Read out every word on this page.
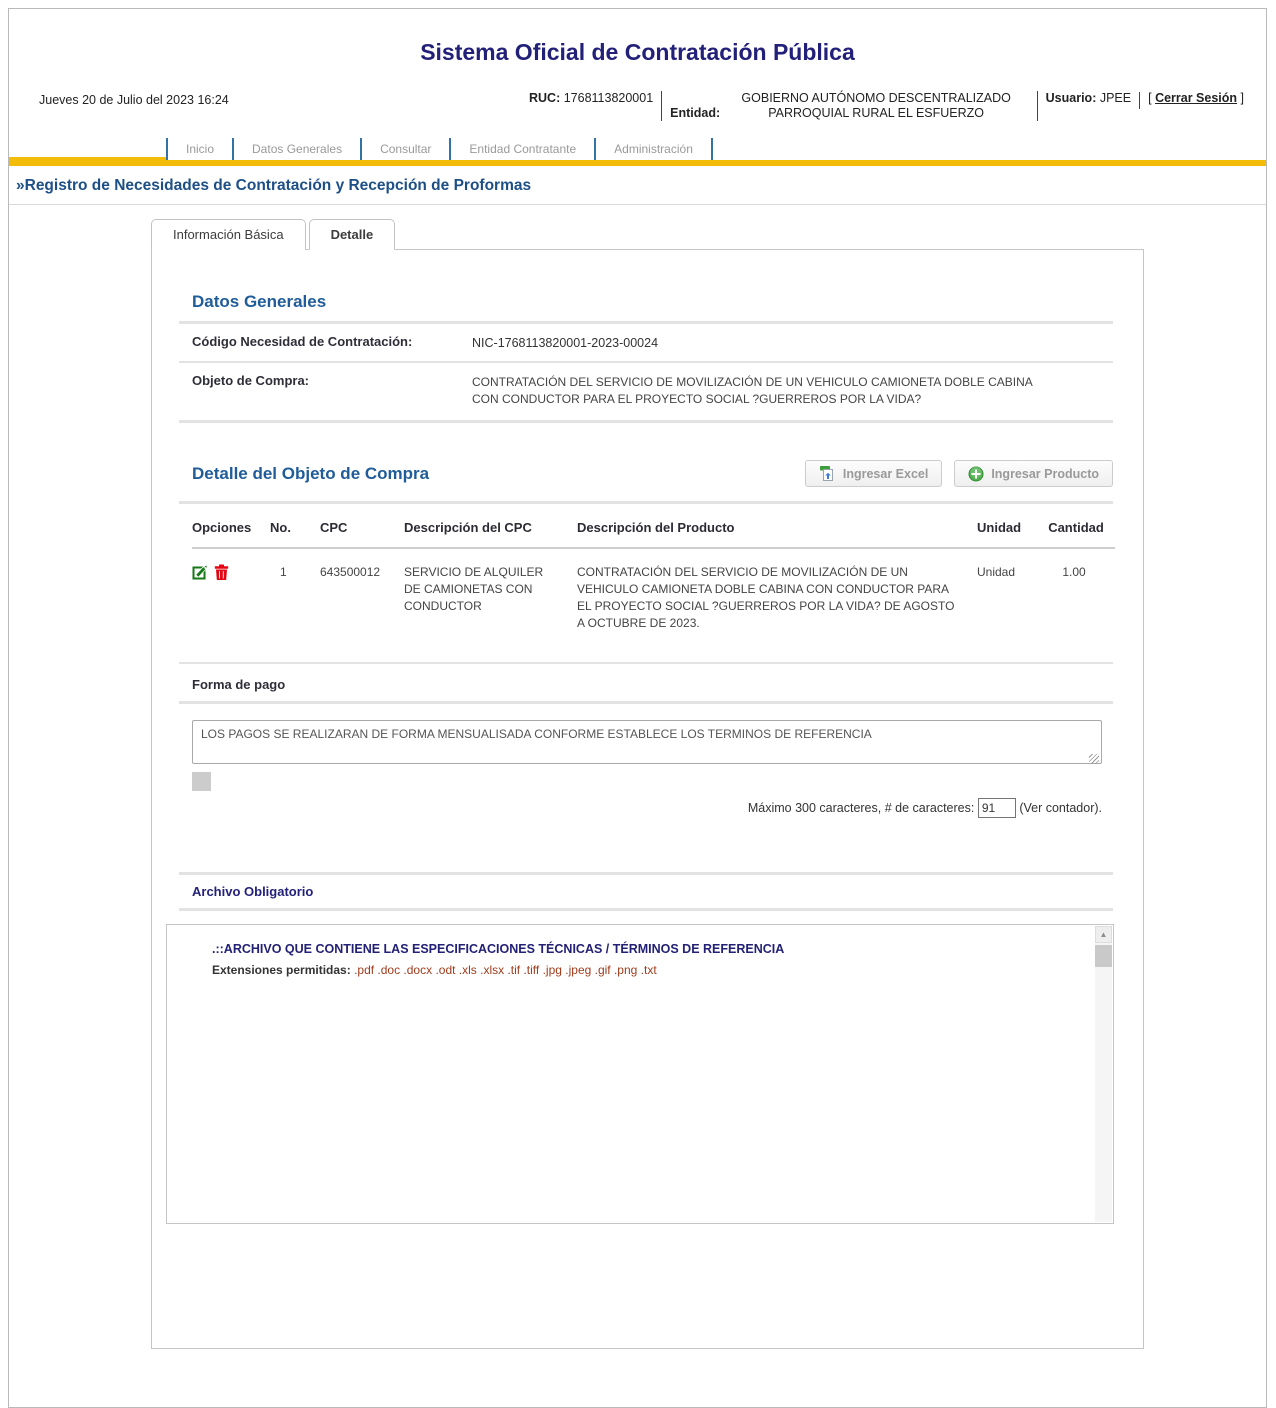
Sistema Oficial de Contratación Pública
Jueves 20 de Julio del 2023 16:24	RUC: 1768113820001
Entidad: GOBIERNO AUTÓNOMO DESCENTRALIZADO PARROQUIAL RURAL EL ESFUERZO
Usuario: JPEE [ Cerrar Sesión ]
Inicio	Datos Generales	Consultar	Entidad Contratante	Administración
»Registro de Necesidades de Contratación y Recepción de Proformas
Información Básica	Detalle
Datos Generales
Código Necesidad de Contratación:	NIC-1768113820001-2023-00024
Objeto de Compra:	CONTRATACIÓN DEL SERVICIO DE MOVILIZACIÓN DE UN VEHICULO CAMIONETA DOBLE CABINA CON CONDUCTOR PARA EL PROYECTO SOCIAL ?GUERREROS POR LA VIDA?
Detalle del Objeto de Compra	Ingresar Excel	Ingresar Producto
Opciones	No.	CPC	Descripción del CPC	Descripción del Producto	Unidad	Cantidad

	1	643500012	SERVICIO DE ALQUILER DE CAMIONETAS CON CONDUCTOR	CONTRATACIÓN DEL SERVICIO DE MOVILIZACIÓN DE UN VEHICULO CAMIONETA DOBLE CABINA CON CONDUCTOR PARA EL PROYECTO SOCIAL ?GUERREROS POR LA VIDA? DE AGOSTO A OCTUBRE DE 2023.	Unidad	1.00
Forma de pago
LOS PAGOS SE REALIZARAN DE FORMA MENSUALISADA CONFORME ESTABLECE LOS TERMINOS DE REFERENCIA
Máximo 300 caracteres, # de caracteres: 91	(Ver contador).
Archivo Obligatorio
.::ARCHIVO QUE CONTIENE LAS ESPECIFICACIONES TÉCNICAS / TÉRMINOS DE REFERENCIA
Extensiones permitidas: .pdf .doc .docx .odt .xls .xlsx .tif .tiff .jpg .jpeg .gif .png .txt
▲
